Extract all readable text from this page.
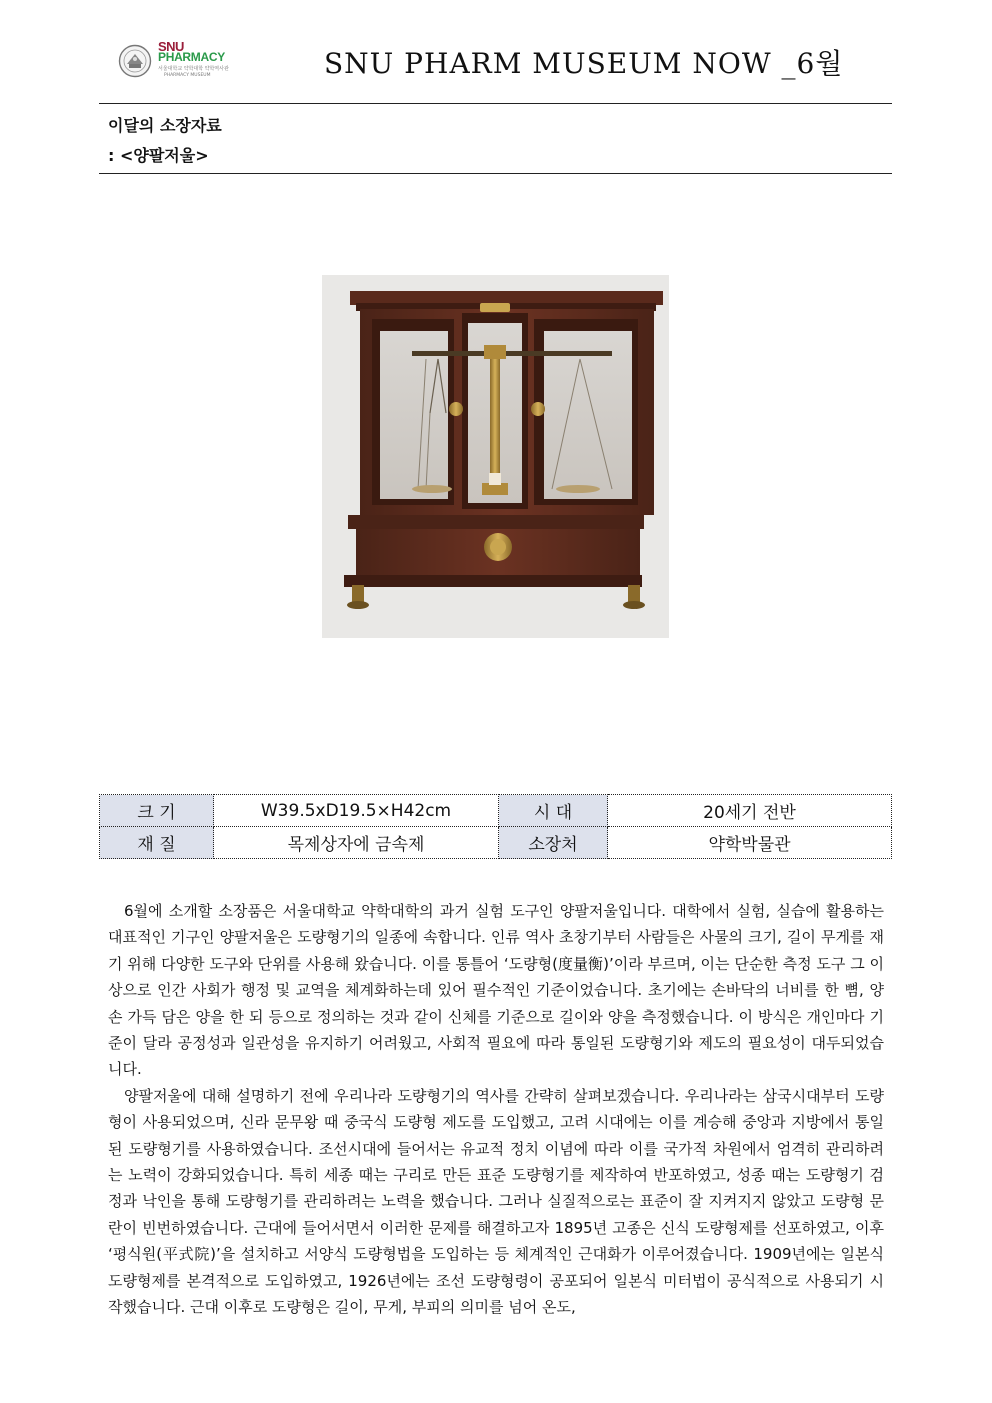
SNU
PHARMACY
서울대학교 약학대학 약학역사관
PHARMACY MUSEUM	SNU PHARM MUSEUM NOW _6월
이달의 소장자료
: <양팔저울>
크 기	W39.5xD19.5×H42cm	시 대	20세기 전반
재 질	목제상자에 금속제	소장처	약학박물관

6월에 소개할 소장품은 서울대학교 약학대학의 과거 실험 도구인 양팔저울입니다. 대학에서 실험, 실습에 활용하는 대표적인 기구인 양팔저울은 도량형기의 일종에 속합니다. 인류 역사 초창기부터 사람들은 사물의 크기, 길이 무게를 재기 위해 다양한 도구와 단위를 사용해 왔습니다. 이를 통틀어 ‘도량형(度量衡)’이라 부르며, 이는 단순한 측정 도구 그 이상으로 인간 사회가 행정 및 교역을 체계화하는데 있어 필수적인 기준이었습니다. 초기에는 손바닥의 너비를 한 뼘, 양손 가득 담은 양을 한 되 등으로 정의하는 것과 같이 신체를 기준으로 길이와 양을 측정했습니다. 이 방식은 개인마다 기준이 달라 공정성과 일관성을 유지하기 어려웠고, 사회적 필요에 따라 통일된 도량형기와 제도의 필요성이 대두되었습니다.

양팔저울에 대해 설명하기 전에 우리나라 도량형기의 역사를 간략히 살펴보겠습니다. 우리나라는 삼국시대부터 도량형이 사용되었으며, 신라 문무왕 때 중국식 도량형 제도를 도입했고, 고려 시대에는 이를 계승해 중앙과 지방에서 통일된 도량형기를 사용하였습니다. 조선시대에 들어서는 유교적 정치 이념에 따라 이를 국가적 차원에서 엄격히 관리하려는 노력이 강화되었습니다. 특히 세종 때는 구리로 만든 표준 도량형기를 제작하여 반포하였고, 성종 때는 도량형기 검정과 낙인을 통해 도량형기를 관리하려는 노력을 했습니다. 그러나 실질적으로는 표준이 잘 지켜지지 않았고 도량형 문란이 빈번하였습니다. 근대에 들어서면서 이러한 문제를 해결하고자 1895년 고종은 신식 도량형제를 선포하였고, 이후 ‘평식원(平式院)’을 설치하고 서양식 도량형법을 도입하는 등 체계적인 근대화가 이루어졌습니다. 1909년에는 일본식 도량형제를 본격적으로 도입하였고, 1926년에는 조선 도량형령이 공포되어 일본식 미터법이 공식적으로 사용되기 시작했습니다. 근대 이후로 도량형은 길이, 무게, 부피의 의미를 넘어 온도,
